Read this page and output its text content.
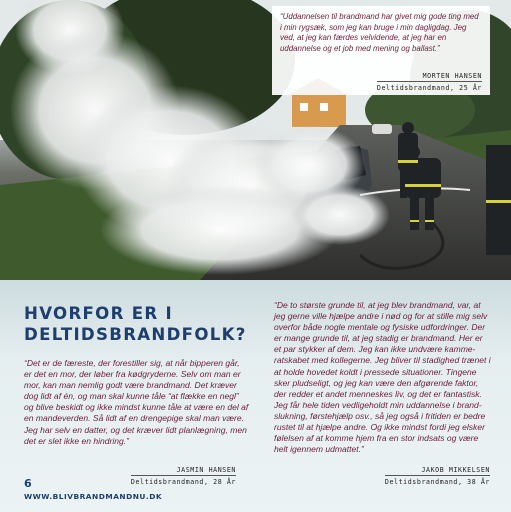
“Uddannelsen til brandmand har givet mig gode ting med i min rygsæk, som jeg kan bruge i min dagligdag. Jeg ved, at jeg kan færdes velvidende, at jeg har en uddannelse og et job med mening og ballast.”

MORTEN HANSEN
Deltidsbrandmand, 25 År
HVORFOR ER I DELTIDSBRANDFOLK?

“Det er de færeste, der forestiller sig, at når bipperen går, er det en mor, der løber fra kødgryderne. Selv om man er mor, kan man nemlig godt være brandmand. Det kræver dog lidt af én, og man skal kunne tåle “at flække en negl” og blive beskidt og ikke mindst kunne tåle at være en del af en mandeverden. Så lidt af en drengepige skal man være. Jeg har selv en datter, og det kræver lidt planlægning, men det er slet ikke en hindring.”

JASMIN HANSEN
Deltidsbrandmand, 28 År

“De to største grunde til, at jeg blev brandmand, var, at jeg gerne ville hjælpe andre i nød og for at stille mig selv overfor både nogle mentale og fysiske udfordringer. Der er mange grunde til, at jeg stadig er brandmand. Her er et par stykker af dem. Jeg kan ikke undvære kamme-ratskabet med kollegerne. Jeg bliver til stadighed trænet i at holde hovedet koldt i pressede situationer. Tingene sker pludseligt, og jeg kan være den afgørende faktor, der redder et andet menneskes liv, og det er fantastisk. Jeg får hele tiden vedligeholdt min uddannelse i brand-slukning, førstehjælp osv., så jeg også i fritiden er bedre rustet til at hjælpe andre. Og ikke mindst fordi jeg elsker følelsen af at komme hjem fra en stor indsats og være helt igennem udmattet.”

JAKOB MIKKELSEN
Deltidsbrandmand, 38 År
6
WWW.BLIVBRANDMANDNU.DK
